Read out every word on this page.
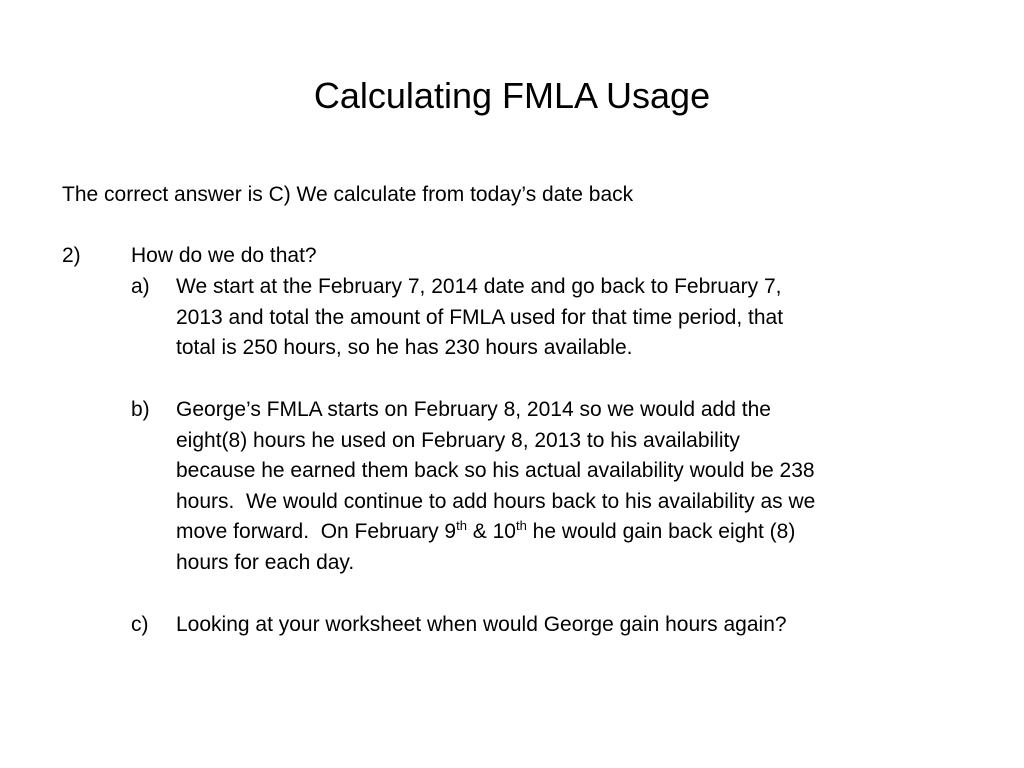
Calculating FMLA Usage
The correct answer is C) We calculate from today’s date back
2) How do we do that?
a) We start at the February 7, 2014 date and go back to February 7,
2013 and total the amount of FMLA used for that time period, that
total is 250 hours, so he has 230 hours available.
b) George’s FMLA starts on February 8, 2014 so we would add the
eight(8) hours he used on February 8, 2013 to his availability
because he earned them back so his actual availability would be 238
hours.  We would continue to add hours back to his availability as we
move forward.  On February 9th & 10th he would gain back eight (8)
hours for each day.
c) Looking at your worksheet when would George gain hours again?
